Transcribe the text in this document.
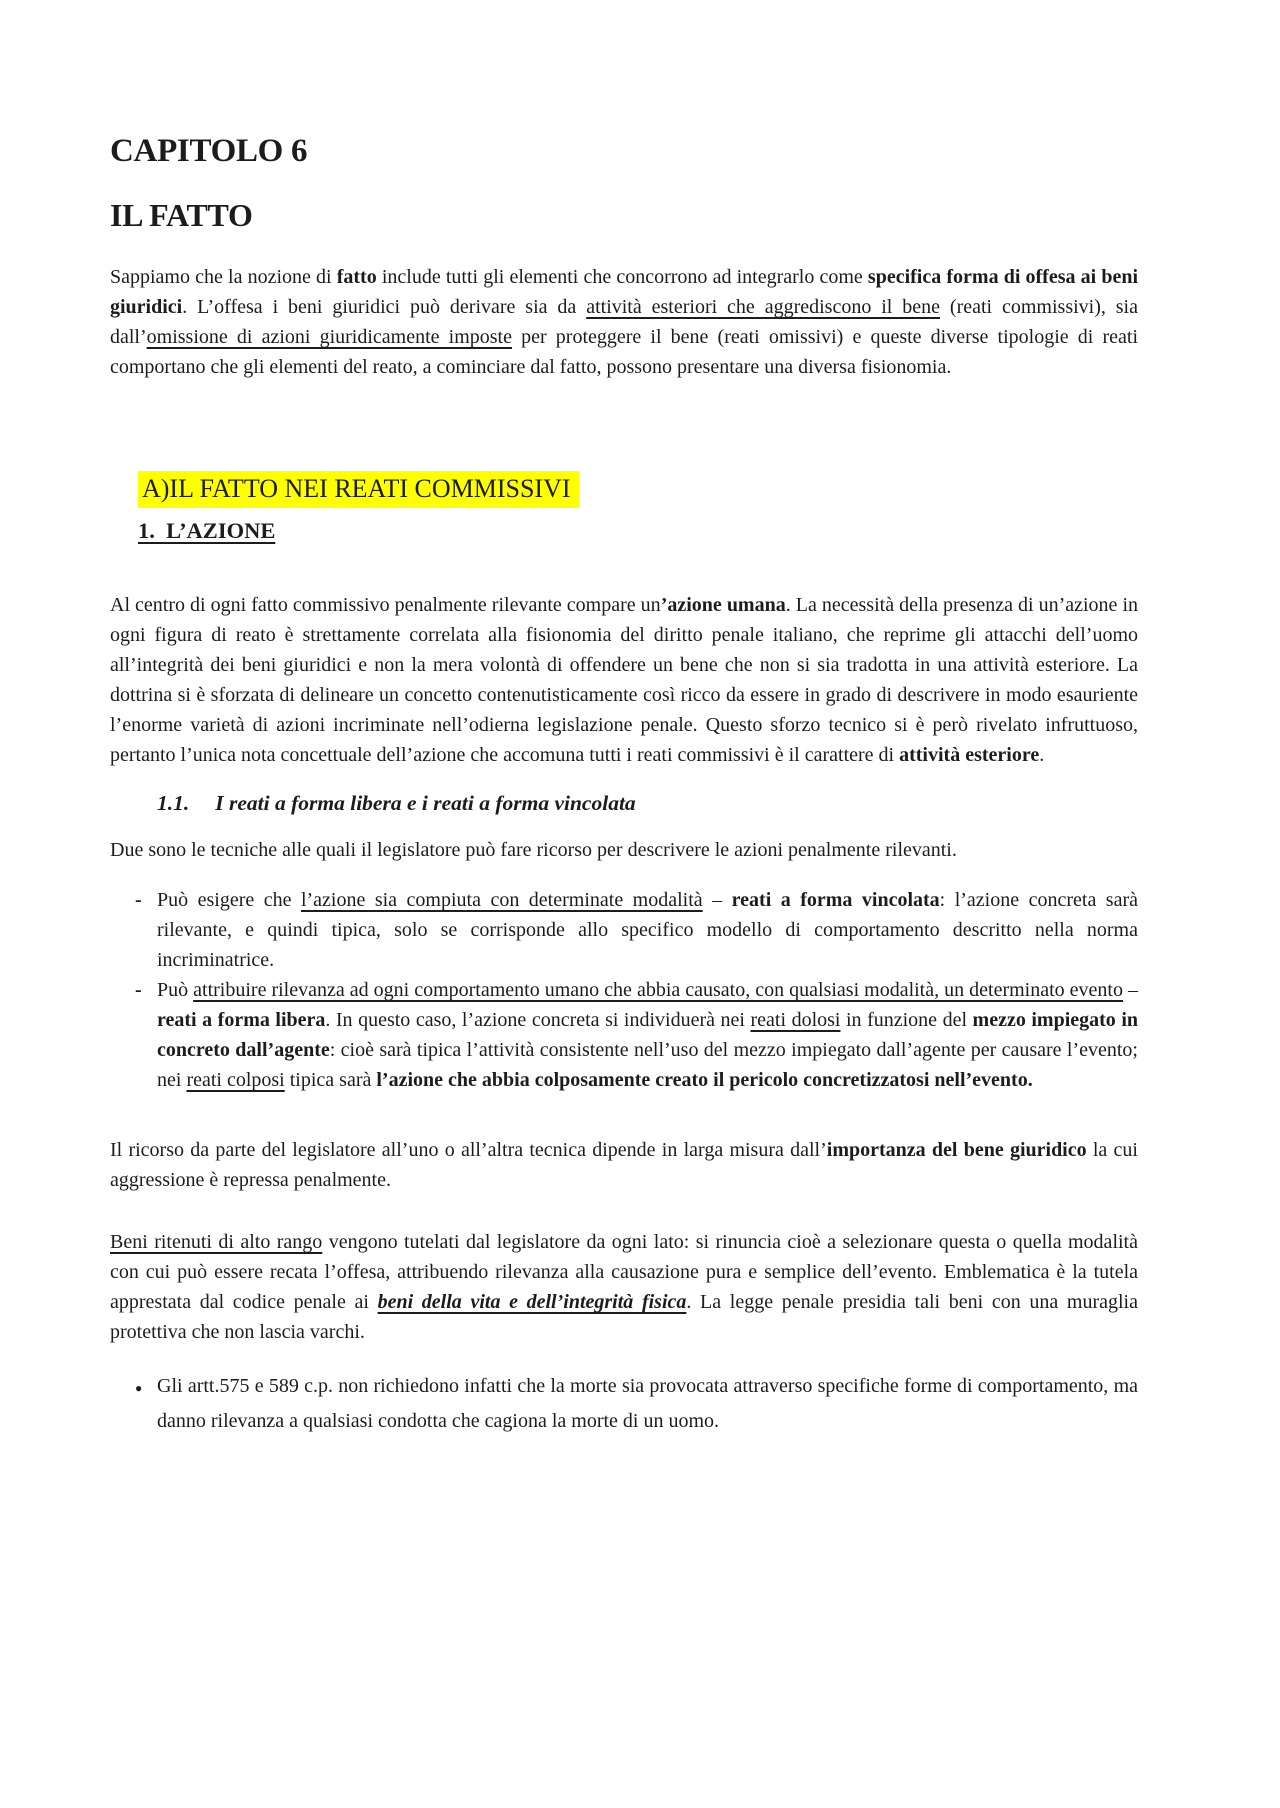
CAPITOLO 6
IL FATTO
Sappiamo che la nozione di fatto include tutti gli elementi che concorrono ad integrarlo come specifica forma di offesa ai beni giuridici. L’offesa i beni giuridici può derivare sia da attività esteriori che aggrediscono il bene (reati commissivi), sia dall’omissione di azioni giuridicamente imposte per proteggere il bene (reati omissivi) e queste diverse tipologie di reati comportano che gli elementi del reato, a cominciare dal fatto, possono presentare una diversa fisionomia.
A)IL FATTO NEI REATI COMMISSIVI
1.  L’AZIONE
Al centro di ogni fatto commissivo penalmente rilevante compare un’azione umana. La necessità della presenza di un’azione in ogni figura di reato è strettamente correlata alla fisionomia del diritto penale italiano, che reprime gli attacchi dell’uomo all’integrità dei beni giuridici e non la mera volontà di offendere un bene che non si sia tradotta in una attività esteriore. La dottrina si è sforzata di delineare un concetto contenutisticamente così ricco da essere in grado di descrivere in modo esauriente l’enorme varietà di azioni incriminate nell’odierna legislazione penale. Questo sforzo tecnico si è però rivelato infruttuoso, pertanto l’unica nota concettuale dell’azione che accomuna tutti i reati commissivi è il carattere di attività esteriore.
1.1. I reati a forma libera e i reati a forma vincolata
Due sono le tecniche alle quali il legislatore può fare ricorso per descrivere le azioni penalmente rilevanti.
- Può esigere che l’azione sia compiuta con determinate modalità – reati a forma vincolata: l’azione concreta sarà rilevante, e quindi tipica, solo se corrisponde allo specifico modello di comportamento descritto nella norma incriminatrice.
- Può attribuire rilevanza ad ogni comportamento umano che abbia causato, con qualsiasi modalità, un determinato evento – reati a forma libera. In questo caso, l’azione concreta si individuerà nei reati dolosi in funzione del mezzo impiegato in concreto dall’agente: cioè sarà tipica l’attività consistente nell’uso del mezzo impiegato dall’agente per causare l’evento; nei reati colposi tipica sarà l’azione che abbia colposamente creato il pericolo concretizzatosi nell’evento.
Il ricorso da parte del legislatore all’uno o all’altra tecnica dipende in larga misura dall’importanza del bene giuridico la cui aggressione è repressa penalmente.
Beni ritenuti di alto rango vengono tutelati dal legislatore da ogni lato: si rinuncia cioè a selezionare questa o quella modalità con cui può essere recata l’offesa, attribuendo rilevanza alla causazione pura e semplice dell’evento. Emblematica è la tutela apprestata dal codice penale ai beni della vita e dell’integrità fisica. La legge penale presidia tali beni con una muraglia protettiva che non lascia varchi.
● Gli artt.575 e 589 c.p. non richiedono infatti che la morte sia provocata attraverso specifiche forme di comportamento, ma danno rilevanza a qualsiasi condotta che cagiona la morte di un uomo.
